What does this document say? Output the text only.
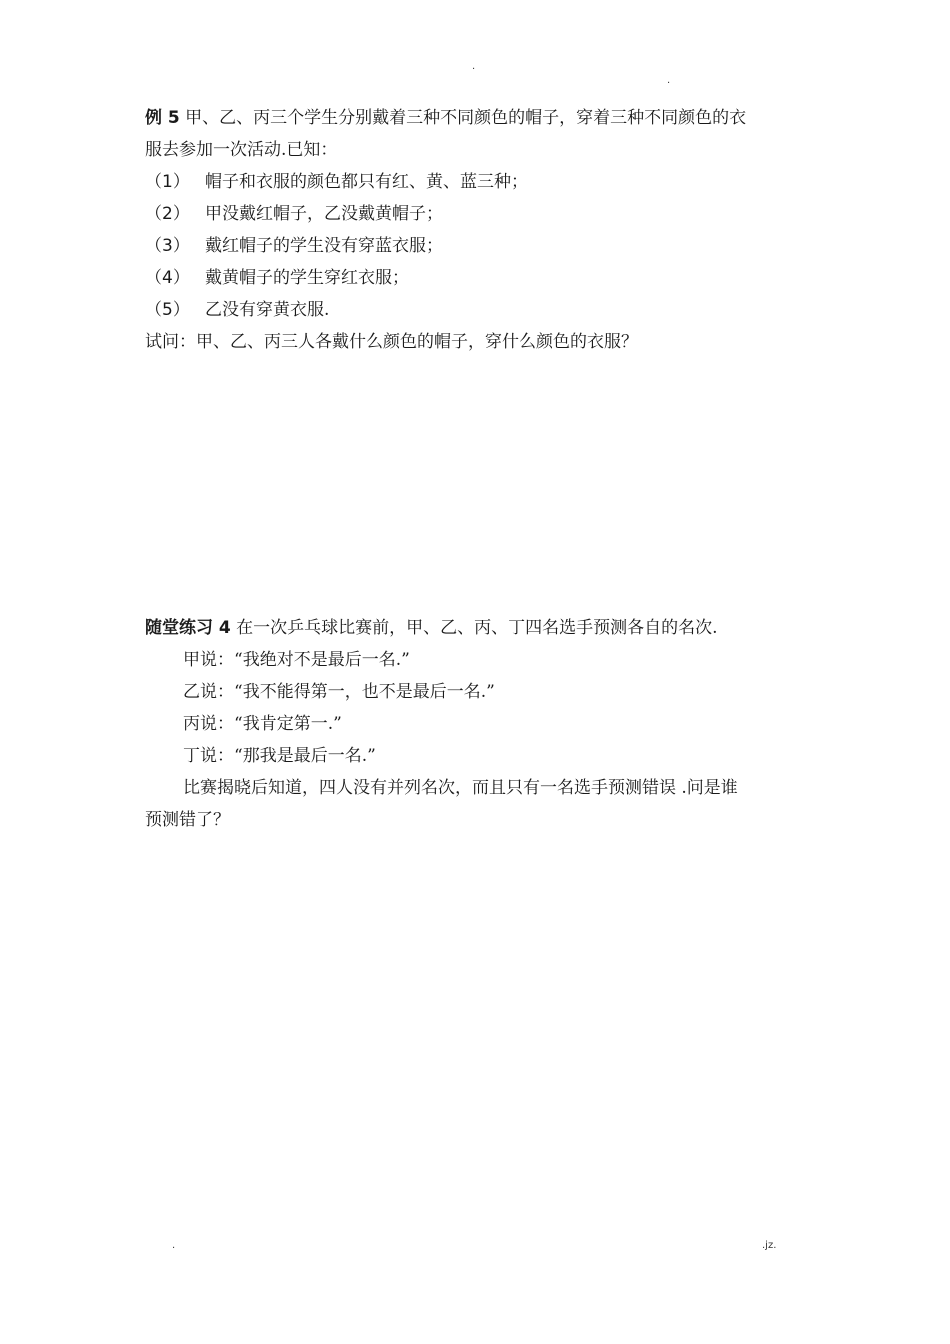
.
.
例 5 甲、乙、丙三个学生分别戴着三种不同颜色的帽子，穿着三种不同颜色的衣
服去参加一次活动.已知：
（1） 帽子和衣服的颜色都只有红、黄、蓝三种；
（2） 甲没戴红帽子，乙没戴黄帽子；
（3） 戴红帽子的学生没有穿蓝衣服；
（4） 戴黄帽子的学生穿红衣服；
（5） 乙没有穿黄衣服.
试问：甲、乙、丙三人各戴什么颜色的帽子，穿什么颜色的衣服？
随堂练习 4 在一次乒乓球比赛前，甲、乙、丙、丁四名选手预测各自的名次.
甲说：“我绝对不是最后一名.”
乙说：“我不能得第一，也不是最后一名.”
丙说：“我肯定第一.”
丁说：“那我是最后一名.”
比赛揭晓后知道，四人没有并列名次，而且只有一名选手预测错误 .问是谁
预测错了？
.	.jz.
